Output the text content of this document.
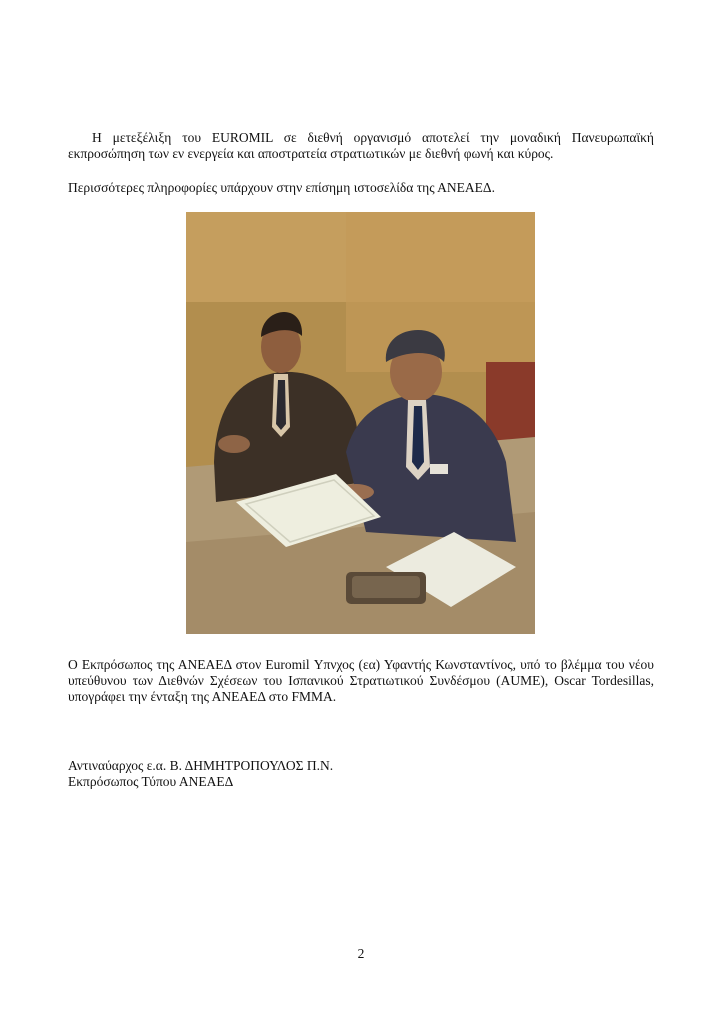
Η μετεξέλιξη του EUROMIL σε διεθνή οργανισμό αποτελεί την μοναδική Πανευρωπαϊκή εκπροσώπηση των εν ενεργεία και αποστρατεία στρατιωτικών με διεθνή φωνή και κύρος.

Περισσότερες πληροφορίες υπάρχουν στην επίσημη ιστοσελίδα της ΑΝΕΑΕΔ.

Ο Εκπρόσωπος της ΑΝΕΑΕΔ στον Euromil Υπνχος (εα) Υφαντής Κωνσταντίνος, υπό το βλέμμα του νέου υπεύθυνου των Διεθνών Σχέσεων του Ισπανικού Στρατιωτικού Συνδέσμου (AUME), Oscar Tordesillas, υπογράφει την ένταξη της ΑΝΕΑΕΔ στο FMMA.

Αντιναύαρχος ε.α. Β. ΔΗΜΗΤΡΟΠΟΥΛΟΣ Π.Ν.
Εκπρόσωπος Τύπου ΑΝΕΑΕΔ
2
